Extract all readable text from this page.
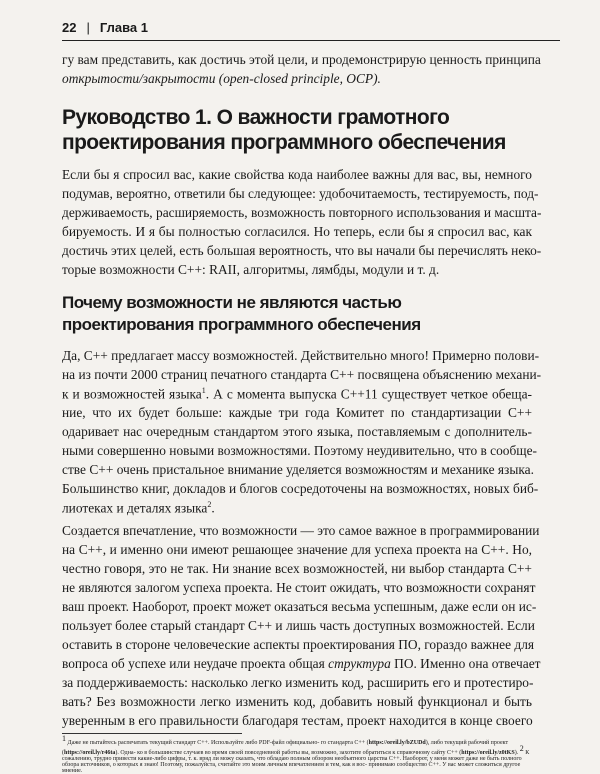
22 | Глава 1
гу вам представить, как достичь этой цели, и продемонстрирую ценность принципа
открытости/закрытости (open-closed principle, OCP).
Руководство 1. О важности грамотного
проектирования программного обеспечения
Если бы я спросил вас, какие свойства кода наиболее важны для вас, вы, немного
подумав, вероятно, ответили бы следующее: удобочитаемость, тестируемость, под-
держиваемость, расширяемость, возможность повторного использования и масшта-
бируемость. И я бы полностью согласился. Но теперь, если бы я спросил вас, как
достичь этих целей, есть большая вероятность, что вы начали бы перечислять неко-
торые возможности C++: RAII, алгоритмы, лямбды, модули и т. д.
Почему возможности не являются частью
проектирования программного обеспечения
Да, C++ предлагает массу возможностей. Действительно много! Примерно полови-
на из почти 2000 страниц печатного стандарта C++ посвящена объяснению механи-
к и возможностей языка$^1$. А с момента выпуска C++11 существует четкое обеща-
ние, что их будет больше: каждые три года Комитет по стандартизации C++
одаривает нас очередным стандартом этого языка, поставляемым с дополнитель-
ными совершенно новыми возможностями. Поэтому неудивительно, что в сообще-
стве C++ очень пристальное внимание уделяется возможностям и механике языка.
Большинство книг, докладов и блогов сосредоточены на возможностях, новых биб-
лиотеках и деталях языка$^2$.
Создается впечатление, что возможности — это самое важное в программировании
на C++, и именно они имеют решающее значение для успеха проекта на C++. Но,
честно говоря, это не так. Ни знание всех возможностей, ни выбор стандарта C++
не являются залогом успеха проекта. Не стоит ожидать, что возможности сохранят
ваш проект. Наоборот, проект может оказаться весьма успешным, даже если он ис-
пользует более старый стандарт C++ и лишь часть доступных возможностей. Если
оставить в стороне человеческие аспекты проектирования ПО, гораздо важнее для
вопроса об успехе или неудаче проекта общая структура ПО. Именно она отвечает
за поддерживаемость: насколько легко изменить код, расширить его и протестиро-
вать? Без возможности легко изменить код, добавить новый функционал и быть
уверенным в его правильности благодаря тестам, проект находится в конце своего
$^1$ Даже не пытайтесь распечатать текущий стандарт C++. Используйте либо PDF-файл официально- го стандарта C++ (https://oreil.ly/bZUDd), либо текущий рабочий проект (https://oreil.ly/r46ta). Одна- ко в большинстве случаев во время своей повседневной работы вы, возможно, захотите обратиться к справочному сайту C++ (https://oreil.ly/z0tKS). $^2$ К сожалению, трудно привести какие-либо цифры, т. к. вряд ли можу сказать, что обладаю полным обзором необъятного царства C++. Наоборот, у меня может даже не быть полного обзора источников, о которых я знаю! Поэтому, пожалуйста, считайте это моим личным впечатлением и тем, как я вос- принимаю сообщество C++. У вас может сложиться другое мнение.
